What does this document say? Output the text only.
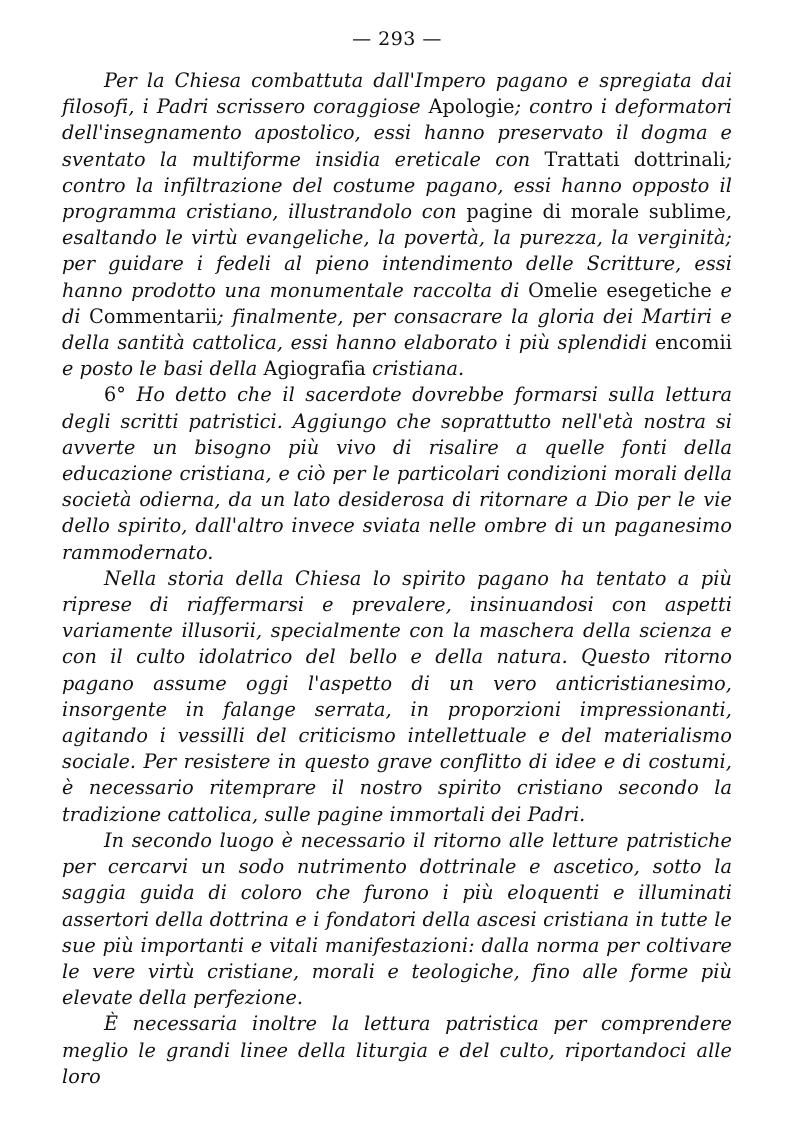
— 293 —

Per la Chiesa combattuta dall'Impero pagano e spregiata dai filosofi, i Padri scrissero coraggiose Apologie; contro i deformatori dell'insegnamento apostolico, essi hanno preservato il dogma e sventato la multiforme insidia ereticale con Trattati dottrinali; contro la infiltrazione del costume pagano, essi hanno opposto il programma cristiano, illustrandolo con pagine di morale sublime, esaltando le virtù evangeliche, la povertà, la purezza, la verginità; per guidare i fedeli al pieno intendimento delle Scritture, essi hanno prodotto una monumentale raccolta di Omelie esegetiche e di Commentarii; finalmente, per consacrare la gloria dei Martiri e della santità cattolica, essi hanno elaborato i più splendidi encomii e posto le basi della Agiografia cristiana.

6° Ho detto che il sacerdote dovrebbe formarsi sulla lettura degli scritti patristici. Aggiungo che soprattutto nell'età nostra si avverte un bisogno più vivo di risalire a quelle fonti della educazione cristiana, e ciò per le particolari condizioni morali della società odierna, da un lato desiderosa di ritornare a Dio per le vie dello spirito, dall'altro invece sviata nelle ombre di un paganesimo rammodernato.

Nella storia della Chiesa lo spirito pagano ha tentato a più riprese di riaffermarsi e prevalere, insinuandosi con aspetti variamente illusorii, specialmente con la maschera della scienza e con il culto idolatrico del bello e della natura. Questo ritorno pagano assume oggi l'aspetto di un vero anticristianesimo, insorgente in falange serrata, in proporzioni impressionanti, agitando i vessilli del criticismo intellettuale e del materialismo sociale. Per resistere in questo grave conflitto di idee e di costumi, è necessario ritemprare il nostro spirito cristiano secondo la tradizione cattolica, sulle pagine immortali dei Padri.

In secondo luogo è necessario il ritorno alle letture patristiche per cercarvi un sodo nutrimento dottrinale e ascetico, sotto la saggia guida di coloro che furono i più eloquenti e illuminati assertori della dottrina e i fondatori della ascesi cristiana in tutte le sue più importanti e vitali manifestazioni: dalla norma per coltivare le vere virtù cristiane, morali e teologiche, fino alle forme più elevate della perfezione.

È necessaria inoltre la lettura patristica per comprendere meglio le grandi linee della liturgia e del culto, riportandoci alle loro
